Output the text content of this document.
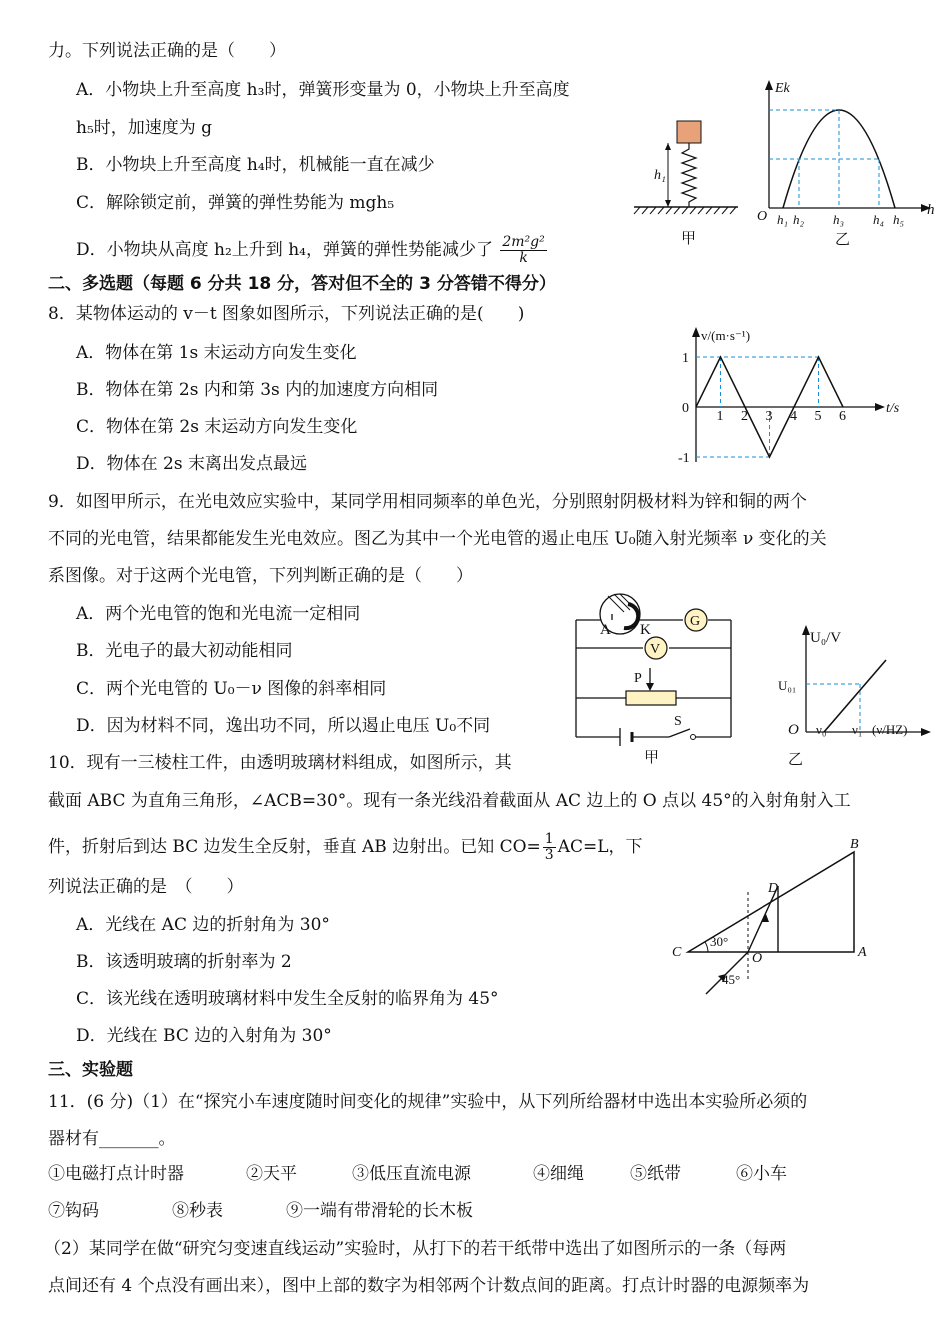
力。下列说法正确的是（　　）
A．小物块上升至高度 h₃时，弹簧形变量为 0，小物块上升至高度
h₅时，加速度为 g
B．小物块上升至高度 h₄时，机械能一直在减少
C．解除锁定前，弹簧的弹性势能为 mgh₅
D．小物块从高度 h₂上升到 h₄，弹簧的弹性势能减少了 $\frac{\text{2m²g²}}{k}$
h₁
甲
Ek
h
O h₁ h₂ h₃ h₄ h₅
乙
二、多选题（每题 6 分共 18 分，答对但不全的 3 分答错不得分）
8．某物体运动的 v－t 图象如图所示，下列说法正确的是(　　)
A．物体在第 1s 末运动方向发生变化
B．物体在第 2s 内和第 3s 内的加速度方向相同
C．物体在第 2s 末运动方向发生变化
D．物体在 2s 末离出发点最远
v/(m·s⁻¹)
t/s
1 2 3 4 5 6
1
0
-1
9．如图甲所示，在光电效应实验中，某同学用相同频率的单色光，分别照射阴极材料为锌和铜的两个
不同的光电管，结果都能发生光电效应。图乙为其中一个光电管的遏止电压 U₀随入射光频率 ν 变化的关
系图像。对于这两个光电管，下列判断正确的是（　　）
A．两个光电管的饱和光电流一定相同
B．光电子的最大初动能相同
C．两个光电管的 U₀－ν 图像的斜率相同
D．因为材料不同，逸出功不同，所以遏止电压 U₀不同
A K
G
V
P
S
甲
U₀/V
O
U₀₁
ν₀ ν₁ (ν/HZ)
乙
10．现有一三棱柱工件，由透明玻璃材料组成，如图所示，其
截面 ABC 为直角三角形，∠ACB=30°。现有一条光线沿着截面从 AC 边上的 O 点以 45°的入射角射入工
件，折射后到达 BC 边发生全反射，垂直 AB 边射出。已知 $CO= \frac{1}{3} AC=L$，下
列说法正确的是　（　　）
A．光线在 AC 边的折射角为 30°
B．该透明玻璃的折射率为 2
C．该光线在透明玻璃材料中发生全反射的临界角为 45°
D．光线在 BC 边的入射角为 30°
C
B
A
D
O
30°
45°
三、实验题
11．(6 分)（1）在“探究小车速度随时间变化的规律”实验中，从下列所给器材中选出本实验所必须的
器材有_______。
①电磁打点计时器	②天平	③低压直流电源	④细绳	⑤纸带	⑥小车
⑦钩码	⑧秒表	⑨一端有带滑轮的长木板
（2）某同学在做“研究匀变速直线运动”实验时，从打下的若干纸带中选出了如图所示的一条（每两
点间还有 4 个点没有画出来），图中上部的数字为相邻两个计数点间的距离。打点计时器的电源频率为
